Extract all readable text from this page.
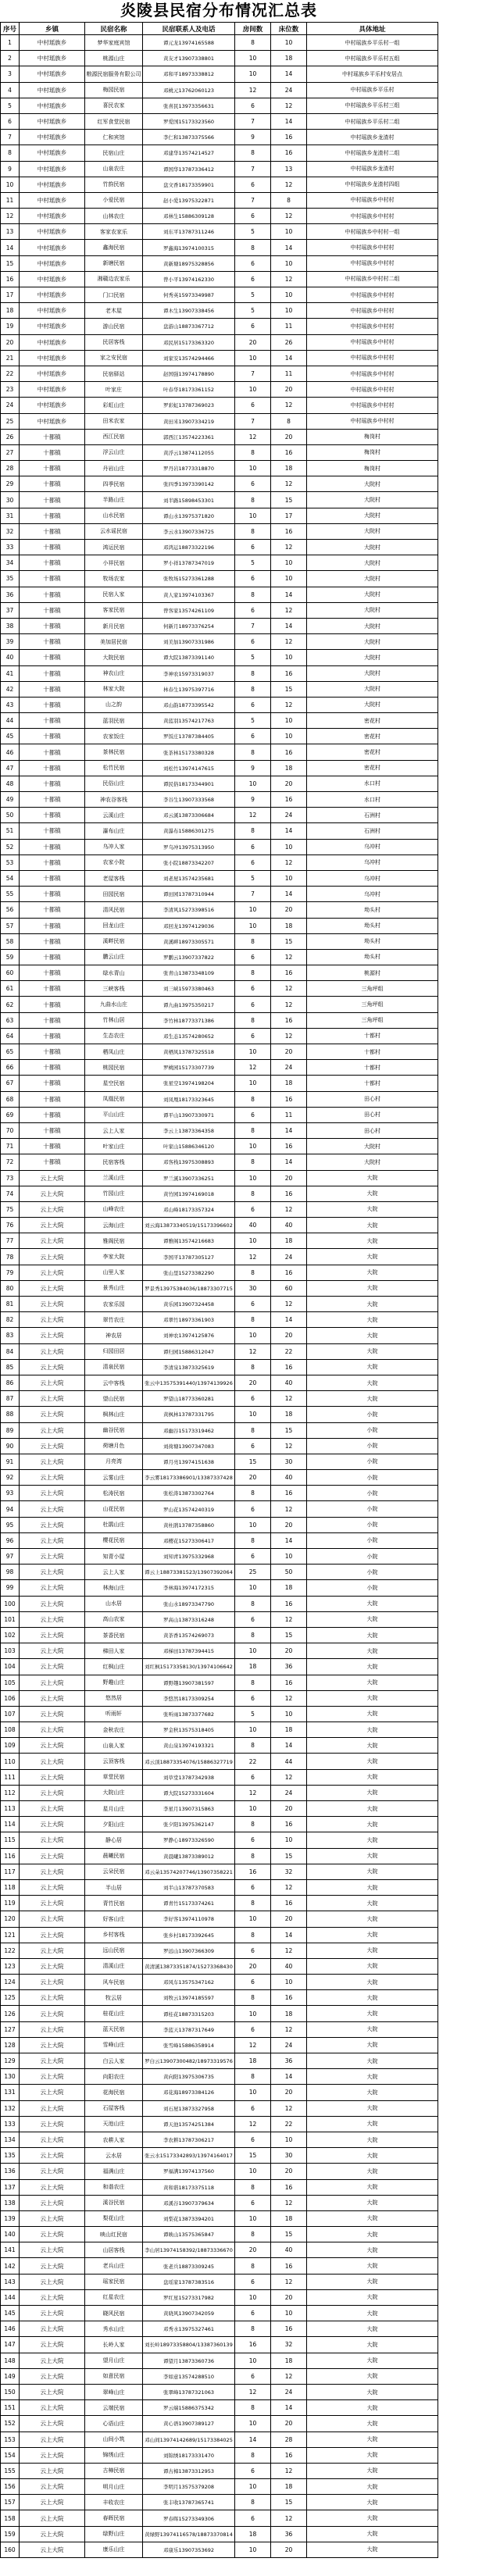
炎陵县民宿分布情况汇总表
序号	乡镇	民宿名称	民宿联系人及电话	房间数	床位数	具体地址
1	中村瑶族乡	梦华家庭宾馆	谭元龙13974165588	8	10	中村瑶族乡平乐村一组
2	中村瑶族乡	桃源山庄	黄友才13907338801	10	18	中村瑶族乡平乐村五组
3	中村瑶族乡	粮源民宿服务有限公司	邓和平18973338812	10	14	中村瑶族乡平乐村安居点
4	中村瑶族乡	梅园民宿	邓桃元13762060123	12	24	中村瑶族乡平乐村
5	中村瑶族乡	喜民农家	张喜民13973356631	6	12	中村瑶族乡平乐村三组
6	中村瑶族乡	红军食堂民宿	罗爱国15173323560	7	14	中村瑶族乡平乐村二组
7	中村瑶族乡	仁和宾馆	李仁和13873375566	9	16	中村瑶族乡龙渣村
8	中村瑶族乡	民宿山庄	邓建华13574214527	8	16	中村瑶族乡龙渣村二组
9	中村瑶族乡	山泉农庄	谭国华13787336412	7	13	中村瑶族乡龙渣村
10	中村瑶族乡	竹韵民宿	盘文香18173359901	6	12	中村瑶族乡龙渣村四组
11	中村瑶族乡	小爱民宿	赵小爱13975322871	7	8	中村瑶族乡中村村
12	中村瑶族乡	山林农庄	邓林生15886309128	6	12	中村瑶族乡中村村
13	中村瑶族乡	客家农家乐	刘东平13787311246	5	10	中村瑶族乡中村村一组
14	中村瑶族乡	鑫海民宿	罗鑫海13974100315	8	14	中村瑶族乡中村村
15	中村瑶族乡	新塘民宿	黄新塘18975328856	6	10	中村瑶族乡中村村
16	中村瑶族乡	湘赣边农家乐	曾小平13974162330	6	12	中村瑶族乡中村村二组
17	中村瑶族乡	门口民宿	何秀英15973349987	5	10	中村瑶族乡中村村
18	中村瑶族乡	老木屋	谭木生13907338456	5	10	中村瑶族乡中村村
19	中村瑶族乡	游山民宿	盘游山18873367712	6	11	中村瑶族乡中村村
20	中村瑶族乡	民居客栈	邓民居15173363320	20	26	中村瑶族乡中村村
21	中村瑶族乡	家之安民宿	刘家安13574294466	10	14	中村瑶族乡中村村
22	中村瑶族乡	民宿驿站	赵国强13974178890	7	11	中村瑶族乡中村村
23	中村瑶族乡	叶家庄	叶春华18173361152	10	20	中村瑶族乡中村村
24	中村瑶族乡	彩虹山庄	罗彩虹13787369023	6	12	中村瑶族乡中村村
25	中村瑶族乡	田米农家	黄田米13907334219	7	8	中村瑶族乡中村村
26	十都镇	西江民宿	郭西江13574223361	12	20	梅岗村
27	十都镇	浮云山庄	黄浮云13874112055	8	16	梅岗村
28	十都镇	丹岩山庄	罗丹岩18773318870	10	18	梅岗村
29	十都镇	四季民宿	张四季13973390142	6	12	大院村
30	十都镇	半路山庄	刘半路15898453301	8	15	大院村
31	十都镇	山水民宿	谭山水13975371820	10	17	大院村
32	十都镇	云水谣民宿	李云水13907336725	8	16	大院村
33	十都镇	鸿运民宿	邓鸿运18873322196	6	12	大院村
34	十都镇	小祥民宿	罗小祥13787347019	5	10	大院村
35	十都镇	牧场农家	张牧场15273361288	6	10	大院村
36	十都镇	民宿人家	黄人家13974103367	8	14	大院村
37	十都镇	客家民宿	曾客家13574261109	6	12	大院村
38	十都镇	新月民宿	何新月18973376254	7	14	大院村
39	十都镇	美加居民宿	刘美加13907331986	6	12	大院村
40	十都镇	大院民宿	谭大院13873391140	5	10	大院村
41	十都镇	神农山庄	李神农15973319037	8	16	大院村
42	十都镇	林家大院	林春生13975397716	8	15	大院村
43	十都镇	山之韵	邓山韵18773395542	6	12	大院村
44	十都镇	蓝羽民宿	黄蓝羽13574217763	5	10	密花村
45	十都镇	农家饭庄	罗饭庄13787384405	6	10	密花村
46	十都镇	茶林民宿	张茶林15173380328	8	16	密花村
47	十都镇	松竹民宿	刘松竹13974147615	9	18	密花村
48	十都镇	民俗山庄	谭民俗18173344901	10	20	水口村
49	十都镇	神农谷客栈	李谷生13907333568	9	16	水口村
50	十都镇	云溪山庄	邓云溪13873306684	12	24	石洲村
51	十都镇	瀑布山庄	黄瀑布15886301275	8	14	石洲村
52	十都镇	乌冲人家	罗乌冲13975313950	6	10	乌冲村
53	十都镇	农家小院	张小院18873342207	6	12	乌冲村
54	十都镇	老屋客栈	刘老屋13574235681	5	10	乌冲村
55	十都镇	田园民宿	谭田园13787310944	7	14	乌冲村
56	十都镇	清风民宿	李清风15273398516	10	20	坳头村
57	十都镇	回龙山庄	邓回龙13974129036	10	18	坳头村
58	十都镇	溪畔民宿	黄溪畔18973305571	8	15	坳头村
59	十都镇	鹏云山庄	罗鹏云13907337822	6	12	坳头村
60	十都镇	绿水青山	张青山13873348109	8	16	桃源村
61	十都镇	三峡客栈	刘三峡15973380463	6	12	三角坪组
62	十都镇	九曲水山庄	谭九曲13975350217	6	12	三角坪组
63	十都镇	竹林山居	李竹林18773371386	8	16	三角坪组
64	十都镇	生态农庄	邓生态13574280652	6	12	十都村
65	十都镇	栖凤山庄	黄栖凤13787325518	10	20	十都村
66	十都镇	桃园民宿	罗桃园15173307739	12	24	十都村
67	十都镇	星空民宿	张星空13974198204	10	18	十都村
68	十都镇	凤凰民宿	刘凤凰18173323645	8	16	田心村
69	十都镇	平山山庄	谭平山13907330971	6	11	田心村
70	十都镇	云上人家	李云上13873364358	8	14	田心村
71	十都镇	叶家山庄	叶家山15886346120	10	16	大院村
72	十都镇	民宿客栈	邓客栈13975308893	8	14	大院村
73	云上大院	兰溪山庄	罗兰溪13907336251	10	20	大院
74	云上大院	竹园山庄	黄竹园13974169018	8	16	大院
75	云上大院	山峰农庄	邓山峰18173357324	6	12	大院
76	云上大院	云海山庄	刘云海13873340519/15173396602	40	40	大院
77	云上大院	雅阁民宿	谭雅阁13574216683	10	18	大院
78	云上大院	李家大院	李国平13787305127	12	24	大院
79	云上大院	山里人家	张山里15273382290	8	16	大院
80	云上大院	景秀山庄	罗景秀13975384036/18873307715	30	60	大院
81	云上大院	农家乐园	黄乐园13907324458	6	12	大院
82	云上大院	翠竹农庄	邓翠竹18973361903	8	14	大院
83	云上大院	神农居	刘神农13974125876	10	20	大院
84	云上大院	归园田居	谭归园15886312047	12	22	大院
85	云上大院	清泉民宿	李清泉13873325619	8	16	大院
86	云上大院	云中客栈	张云中13575391440/13974139926	20	40	大院
87	云上大院	望山民宿	罗望山18773360281	6	12	大院
88	云上大院	枫林山庄	黄枫林13787331795	10	18	小院
89	云上大院	幽谷民宿	邓幽谷15173319462	8	15	小院
90	云上大院	荷塘月色	刘荷塘13907347083	6	12	小院
91	云上大院	月亮湾	谭月亮13974151638	15	30	小院
92	云上大院	云雾山庄	李云雾18173386901/13387337428	20	40	小院
93	云上大院	松涛民宿	张松涛13873302764	8	16	小院
94	云上大院	山花民宿	罗山花13574240319	6	12	小院
95	云上大院	杜鹃山庄	黄杜鹃13787358860	10	20	小院
96	云上大院	樱花民宿	邓樱花15273306417	8	14	小院
97	云上大院	知青小屋	刘知青13975332968	6	10	小院
98	云上大院	云上人家	谭云上18873381523/13907392064	25	50	小院
99	云上大院	林海山庄	李林海13974172315	10	18	小院
100	云上大院	山水居	张山水18973347790	8	16	大院
101	云上大院	高山农家	罗高山13873316248	6	12	大院
102	云上大院	茶香民宿	黄茶香13574269073	8	15	大院
103	云上大院	梯田人家	邓梯田13787394415	10	20	大院
104	云上大院	红枫山庄	刘红枫15173358130/13974106642	18	36	大院
105	云上大院	野趣山庄	谭野趣13907381597	8	16	大院
106	云上大院	悠然居	李悠然18173309254	6	12	大院
107	云上大院	听雨轩	张听雨13873377682	5	10	大院
108	云上大院	金秋农庄	罗金秋13575318405	10	18	大院
109	云上大院	山泉人家	黄山泉13974193321	8	14	大院
110	云上大院	云顶客栈	邓云顶18873354076/15886327719	22	44	大院
111	云上大院	草堂民宿	刘草堂13787342938	6	12	大院
112	云上大院	大院山庄	谭大院15273331604	12	24	大院
113	云上大院	星月山庄	李星月13907315863	10	20	大院
114	云上大院	夕阳山庄	张夕阳13975362147	8	16	大院
115	云上大院	静心居	罗静心18973326590	6	10	大院
116	云上大院	晨曦民宿	黄晨曦13873389012	8	15	大院
117	云上大院	云朵民宿	邓云朵13574207746/13907358221	16	32	大院
118	云上大院	半山居	刘半山13787370583	6	12	大院
119	云上大院	青竹民宿	谭青竹15173374261	8	16	大院
120	云上大院	好客山庄	李好客13974110978	10	20	大院
121	云上大院	乡村客栈	张乡村18173392645	8	14	大院
122	云上大院	远山民宿	罗远山13907366309	6	12	大院
123	云上大院	清溪山庄	黄清溪13873351874/15273368430	20	40	大院
124	云上大院	风车民宿	邓风车13575347162	6	10	大院
125	云上大院	牧云居	刘牧云13974185597	8	16	大院
126	云上大院	桂花山庄	谭桂花18873315203	10	18	大院
127	云上大院	蓝天民宿	李蓝天13787317649	6	12	大院
128	云上大院	雪峰山庄	张雪峰15886358914	12	24	大院
129	云上大院	白云人家	罗白云13907300482/18973319576	18	36	大院
130	云上大院	向阳农庄	黄向阳13975306735	8	14	大院
131	云上大院	花海民宿	邓花海18973384126	10	20	大院
132	云上大院	石屋客栈	刘石屋13873327958	6	12	大院
133	云上大院	天池山庄	谭天池13574251384	12	22	大院
134	云上大院	农耕人家	李农耕13787306217	6	10	大院
135	云上大院	云水居	张云水15173342893/13974164017	15	30	大院
136	云上大院	福满山庄	罗福满13974137560	10	20	大院
137	云上大院	和谐农庄	黄和谐18173375118	8	16	大院
138	云上大院	溪谷民宿	邓溪谷13907379634	6	12	大院
139	云上大院	梨花山庄	刘梨花13873394201	10	18	大院
140	云上大院	映山红民宿	谭映山13575365847	8	15	大院
141	云上大院	山居客栈	李山居13974158392/18873336670	20	40	大院
142	云上大院	老兵山庄	张老兵18873309245	8	16	大院
143	云上大院	瑶家民宿	盘瑶家13787383516	6	12	大院
144	云上大院	红星农庄	罗红星15273317982	10	20	大院
145	云上大院	晓风民宿	黄晓风13907342059	6	10	大院
146	云上大院	秀水山庄	邓秀水13975327461	8	16	大院
147	云上大院	长岭人家	刘长岭18973358804/13387360139	16	32	大院
148	云上大院	望月山庄	谭望月13873360736	10	18	大院
149	云上大院	如意民宿	李如意13574288510	6	12	大院
150	云上大院	翠峰山庄	张翠峰13787321063	12	24	大院
151	云上大院	云端民宿	罗云端15886375342	8	14	大院
152	云上大院	心语山庄	黄心语13907389127	10	20	大院
153	云上大院	山间小筑	邓山间13974142689/15173384025	14	28	大院
154	云上大院	锦绣山庄	刘锦绣18173331470	8	16	大院
155	云上大院	古樟民宿	谭古樟13873312953	6	12	大院
156	云上大院	明月山庄	李明月13575379208	10	18	大院
157	云上大院	丰收农庄	张丰收13787365741	8	15	大院
158	云上大院	春晖民宿	罗春晖15273349306	6	12	大院
159	云上大院	绿野山庄	黄绿野13974116578/18873370814	18	36	大院
160	云上大院	康乐山庄	邓康乐13907353692	10	20	大院
